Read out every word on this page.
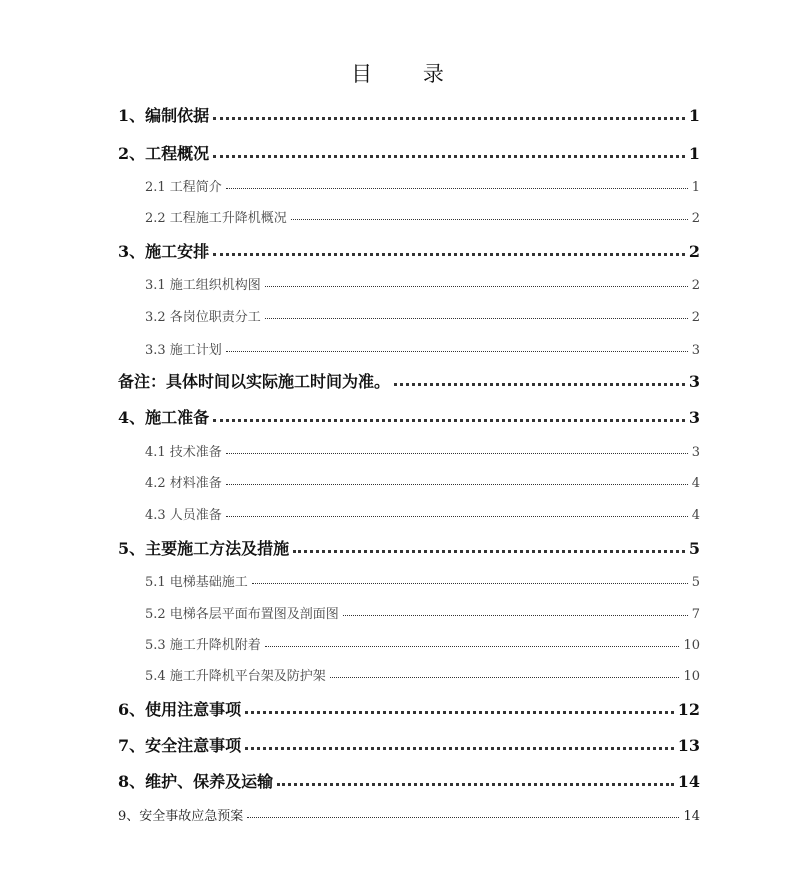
目 录
1、编制依据	1
2、工程概况	1
2.1 工程简介	1
2.2 工程施工升降机概况	2
3、施工安排	2
3.1 施工组织机构图	2
3.2 各岗位职责分工	2
3.3 施工计划	3
备注：具体时间以实际施工时间为准。	3
4、施工准备	3
4.1 技术准备	3
4.2 材料准备	4
4.3 人员准备	4
5、主要施工方法及措施	5
5.1 电梯基础施工	5
5.2 电梯各层平面布置图及剖面图	7
5.3 施工升降机附着	10
5.4 施工升降机平台架及防护架	10
6、使用注意事项	12
7、安全注意事项	13
8、维护、保养及运输	14
9、安全事故应急预案	14
